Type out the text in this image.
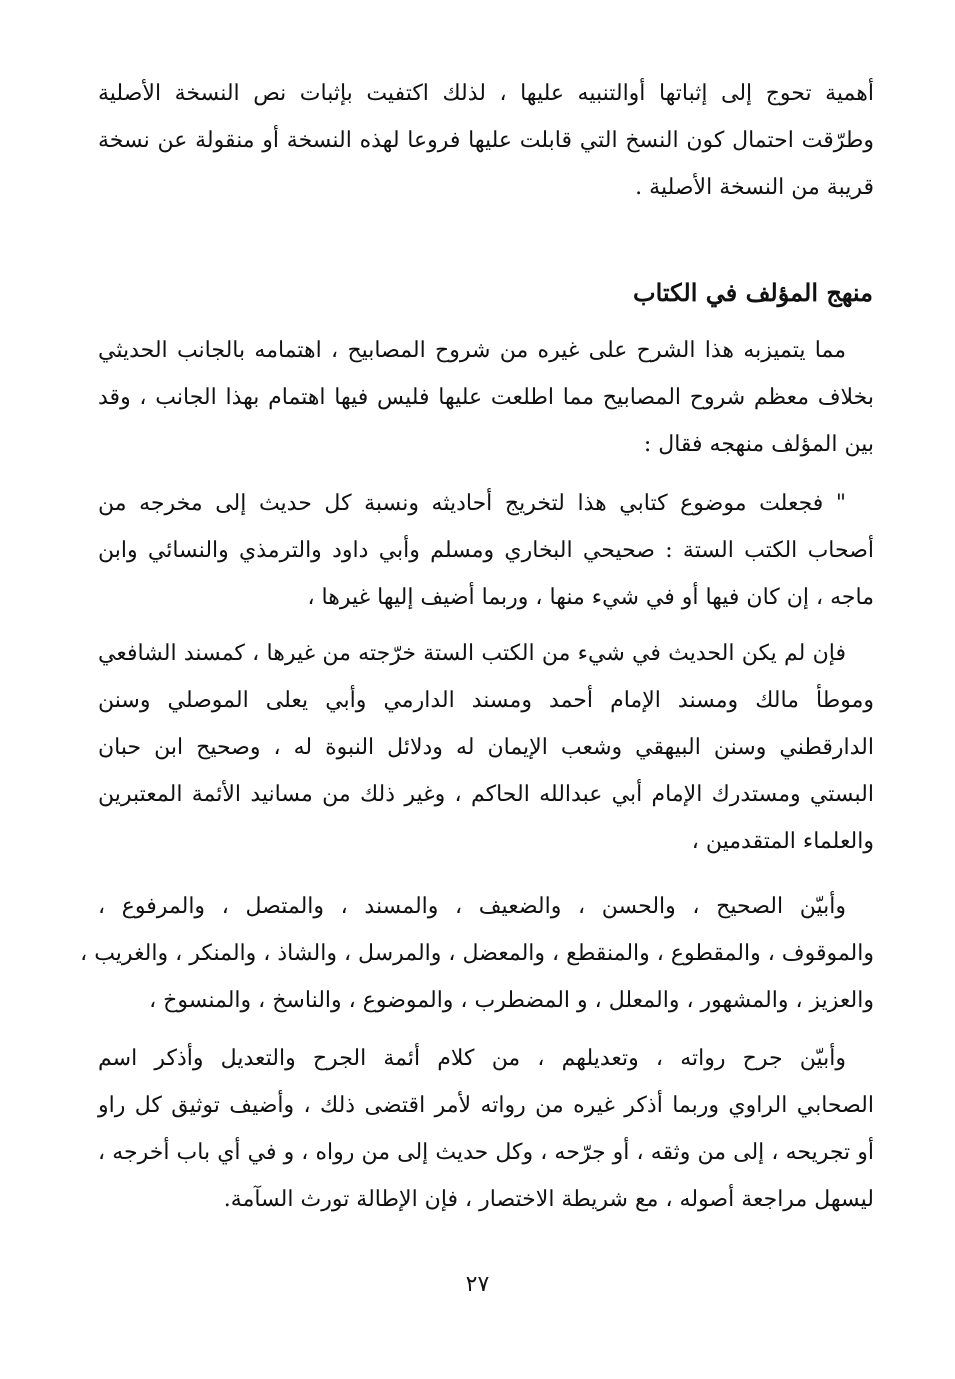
أهمية تحوج إلى إثباتها أوالتنبيه عليها ، لذلك اكتفيت بإثبات نص النسخة الأصلية
وطرّقت احتمال كون النسخ التي قابلت عليها فروعا لهذه النسخة أو منقولة عن نسخة
قريبة من النسخة الأصلية .
منهج المؤلف في الكتاب
مما يتميزبه هذا الشرح على غيره من شروح المصابيح ، اهتمامه بالجانب الحديثي
بخلاف معظم شروح المصابيح مما اطلعت عليها فليس فيها اهتمام بهذا الجانب ، وقد
بين المؤلف منهجه فقال :
" فجعلت موضوع كتابي هذا لتخريج أحاديثه ونسبة كل حديث إلى مخرجه من
أصحاب الكتب الستة : صحيحي البخاري ومسلم وأبي داود والترمذي والنسائي وابن
ماجه ، إن كان فيها أو في شيء منها ، وربما أضيف إليها غيرها ،
فإن لم يكن الحديث في شيء من الكتب الستة خرّجته من غيرها ، كمسند الشافعي
وموطأ مالك ومسند الإمام أحمد ومسند الدارمي وأبي يعلى الموصلي وسنن
الدارقطني وسنن البيهقي وشعب الإيمان له ودلائل النبوة له ، وصحيح ابن حبان
البستي ومستدرك الإمام أبي عبدالله الحاكم ، وغير ذلك من مسانيد الأئمة المعتبرين
والعلماء المتقدمين ،
وأبيّن الصحيح ، والحسن ، والضعيف ، والمسند ، والمتصل ، والمرفوع ،
والموقوف ، والمقطوع ، والمنقطع ، والمعضل ، والمرسل ، والشاذ ، والمنكر ، والغريب ،
والعزيز ، والمشهور ، والمعلل ، و المضطرب ، والموضوع ، والناسخ ، والمنسوخ ،
وأبيّن جرح رواته ، وتعديلهم ، من كلام أئمة الجرح والتعديل وأذكر اسم
الصحابي الراوي وربما أذكر غيره من رواته لأمر اقتضى ذلك ، وأضيف توثيق كل راو
أو تجريحه ، إلى من وثقه ، أو جرّحه ، وكل حديث إلى من رواه ، و في أي باب أخرجه ،
ليسهل مراجعة أصوله ، مع شريطة الاختصار ، فإن الإطالة تورث السآمة.
٢٧
